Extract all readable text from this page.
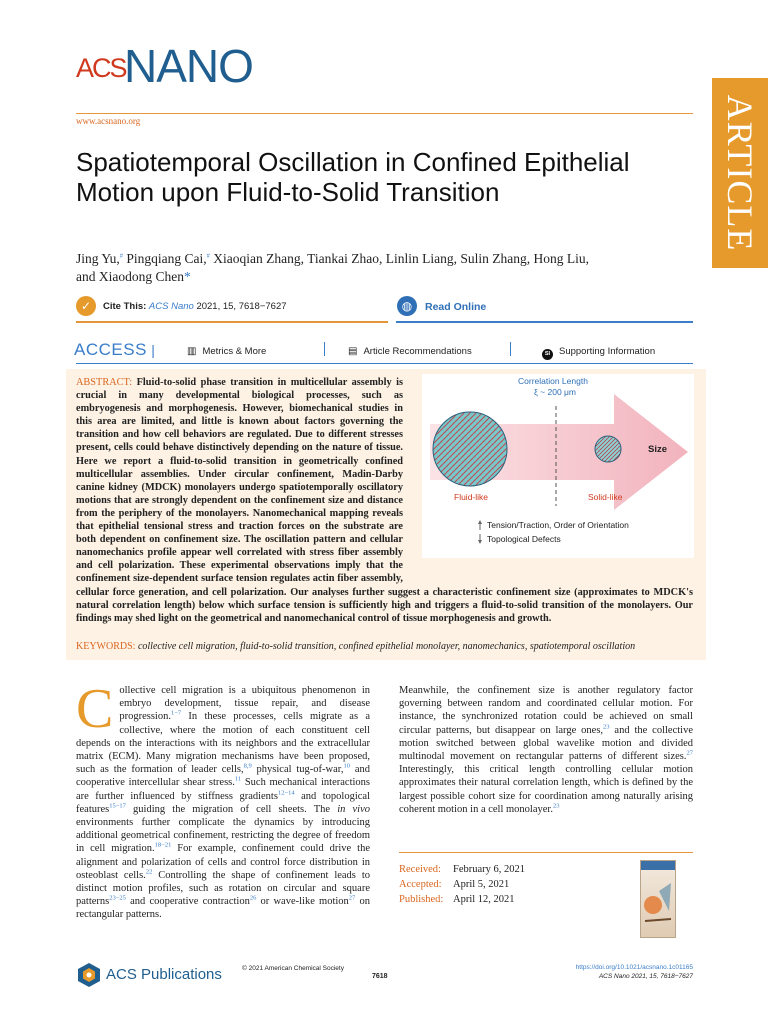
ACS
NANO
www.acsnano.org	ARTICLE
Spatiotemporal Oscillation in Confined Epithelial Motion upon Fluid-to-Solid Transition
Jing Yu,# Pingqiang Cai,# Xiaoqian Zhang, Tiankai Zhao, Linlin Liang, Sulin Zhang, Hong Liu,
and Xiaodong Chen*
✓	Cite This: ACS Nano 2021, 15, 7618−7627	◍	Read Online
ACCESS |	▥ Metrics & More	▤ Article Recommendations	SI Supporting Information
ABSTRACT: Fluid-to-solid phase transition in multicellular assembly is crucial in many developmental biological processes, such as embryogenesis and morphogenesis. However, biomechanical studies in this area are limited, and little is known about factors governing the transition and how cell behaviors are regulated. Due to different stresses present, cells could behave distinctively depending on the nature of tissue. Here we report a fluid-to-solid transition in geometrically confined multicellular assemblies. Under circular confinement, Madin-Darby canine kidney (MDCK) monolayers undergo spatiotemporally oscillatory motions that are strongly dependent on the confinement size and distance from the periphery of the monolayers. Nanomechanical mapping reveals that epithelial tensional stress and traction forces on the substrate are both dependent on confinement size. The oscillation pattern and cellular nanomechanics profile appear well correlated with stress fiber assembly and cell polarization. These experimental observations imply that the confinement size-dependent surface tension regulates actin fiber assembly, cellular force generation, and cell polarization. Our analyses further suggest a characteristic confinement size (approximates to MDCK's natural correlation length) below which surface tension is sufficiently high and triggers a fluid-to-solid transition of the monolayers. Our findings may shed light on the geometrical and nanomechanical control of tissue morphogenesis and growth.
Correlation Length
ξ ~ 200 μm
Fluid-like	Solid-like
Size
Tension/Traction, Order of Orientation
Topological Defects
KEYWORDS: collective cell migration, fluid-to-solid transition, confined epithelial monolayer, nanomechanics, spatiotemporal oscillation
Collective cell migration is a ubiquitous phenomenon in embryo development, tissue repair, and disease progression.$^{1-7}$ In these processes, cells migrate as a collective, where the motion of each constituent cell depends on the interactions with its neighbors and the extracellular matrix (ECM). Many migration mechanisms have been proposed, such as the formation of leader cells,$^{8,9}$ physical tug-of-war,$^{10}$ and cooperative intercellular shear stress.$^{11}$ Such mechanical interactions are further influenced by stiffness gradients$^{12-14}$ and topological features$^{15-17}$ guiding the migration of cell sheets. The in vivo environments further complicate the dynamics by introducing additional geometrical confinement, restricting the degree of freedom in cell migration.$^{18-21}$ For example, confinement could drive the alignment and polarization of cells and control force distribution in osteoblast cells.$^{22}$ Controlling the shape of confinement leads to distinct motion profiles, such as rotation on circular and square patterns$^{23-25}$ and cooperative contraction$^{26}$ or wave-like motion$^{27}$ on rectangular patterns.
Meanwhile, the confinement size is another regulatory factor governing between random and coordinated cellular motion. For instance, the synchronized rotation could be achieved on small circular patterns, but disappear on large ones,$^{23}$ and the collective motion switched between global wavelike motion and divided multinodal movement on rectangular patterns of different sizes.$^{27}$ Interestingly, this critical length controlling cellular motion approximates their natural correlation length, which is defined by the largest possible cohort size for coordination among naturally arising coherent motion in a cell monolayer.$^{23}$
Received: February 6, 2021
Accepted: April 5, 2021
Published: April 12, 2021
ACS Publications	© 2021 American Chemical Society
7618
https://doi.org/10.1021/acsnano.1c01165
ACS Nano 2021, 15, 7618−7627
